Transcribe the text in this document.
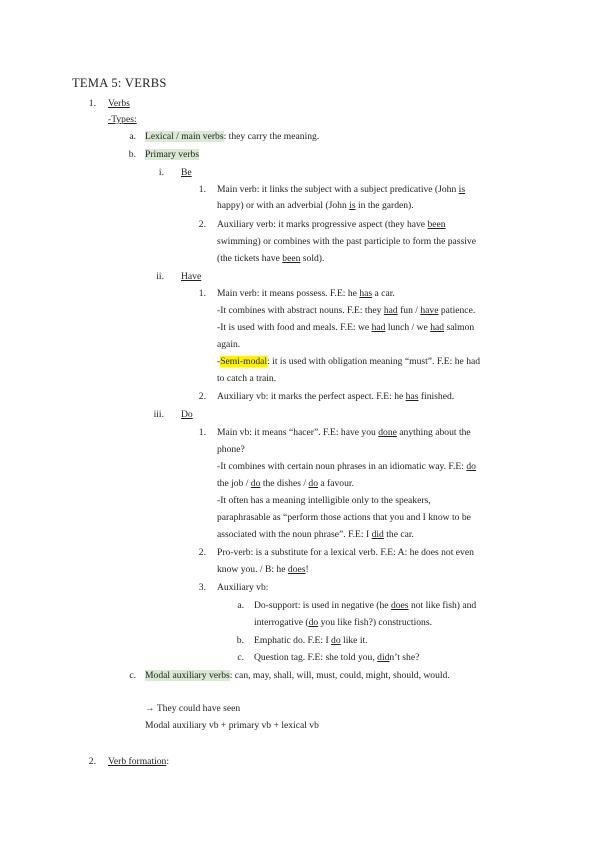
TEMA 5: VERBS
1. Verbs
-Types:
a. Lexical / main verbs: they carry the meaning.
b. Primary verbs
i. Be
1. Main verb: it links the subject with a subject predicative (John is
happy) or with an adverbial (John is in the garden).
2. Auxiliary verb: it marks progressive aspect (they have been
swimming) or combines with the past participle to form the passive
(the tickets have been sold).
ii. Have
1. Main verb: it means possess. F.E: he has a car.
-It combines with abstract nouns. F.E: they had fun / have patience.
-It is used with food and meals. F.E: we had lunch / we had salmon
again.
-Semi-modal: it is used with obligation meaning “must”. F.E: he had
to catch a train.
2. Auxiliary vb: it marks the perfect aspect. F.E: he has finished.
iii. Do
1. Main vb: it means “hacer”. F.E: have you done anything about the
phone?
-It combines with certain noun phrases in an idiomatic way. F.E: do
the job / do the dishes / do a favour.
-It often has a meaning intelligible only to the speakers,
paraphrasable as “perform those actions that you and I know to be
associated with the noun phrase”. F.E: I did the car.
2. Pro-verb: is a substitute for a lexical verb. F.E: A: he does not even
know you. / B: he does!
3. Auxiliary vb:
a. Do-support: is used in negative (he does not like fish) and
interrogative (do you like fish?) constructions.
b. Emphatic do. F.E: I do like it.
c. Question tag. F.E: she told you, didn’t she?
c. Modal auxiliary verbs: can, may, shall, will, must, could, might, should, would.
→ They could have seen
Modal auxiliary vb + primary vb + lexical vb
2. Verb formation:
